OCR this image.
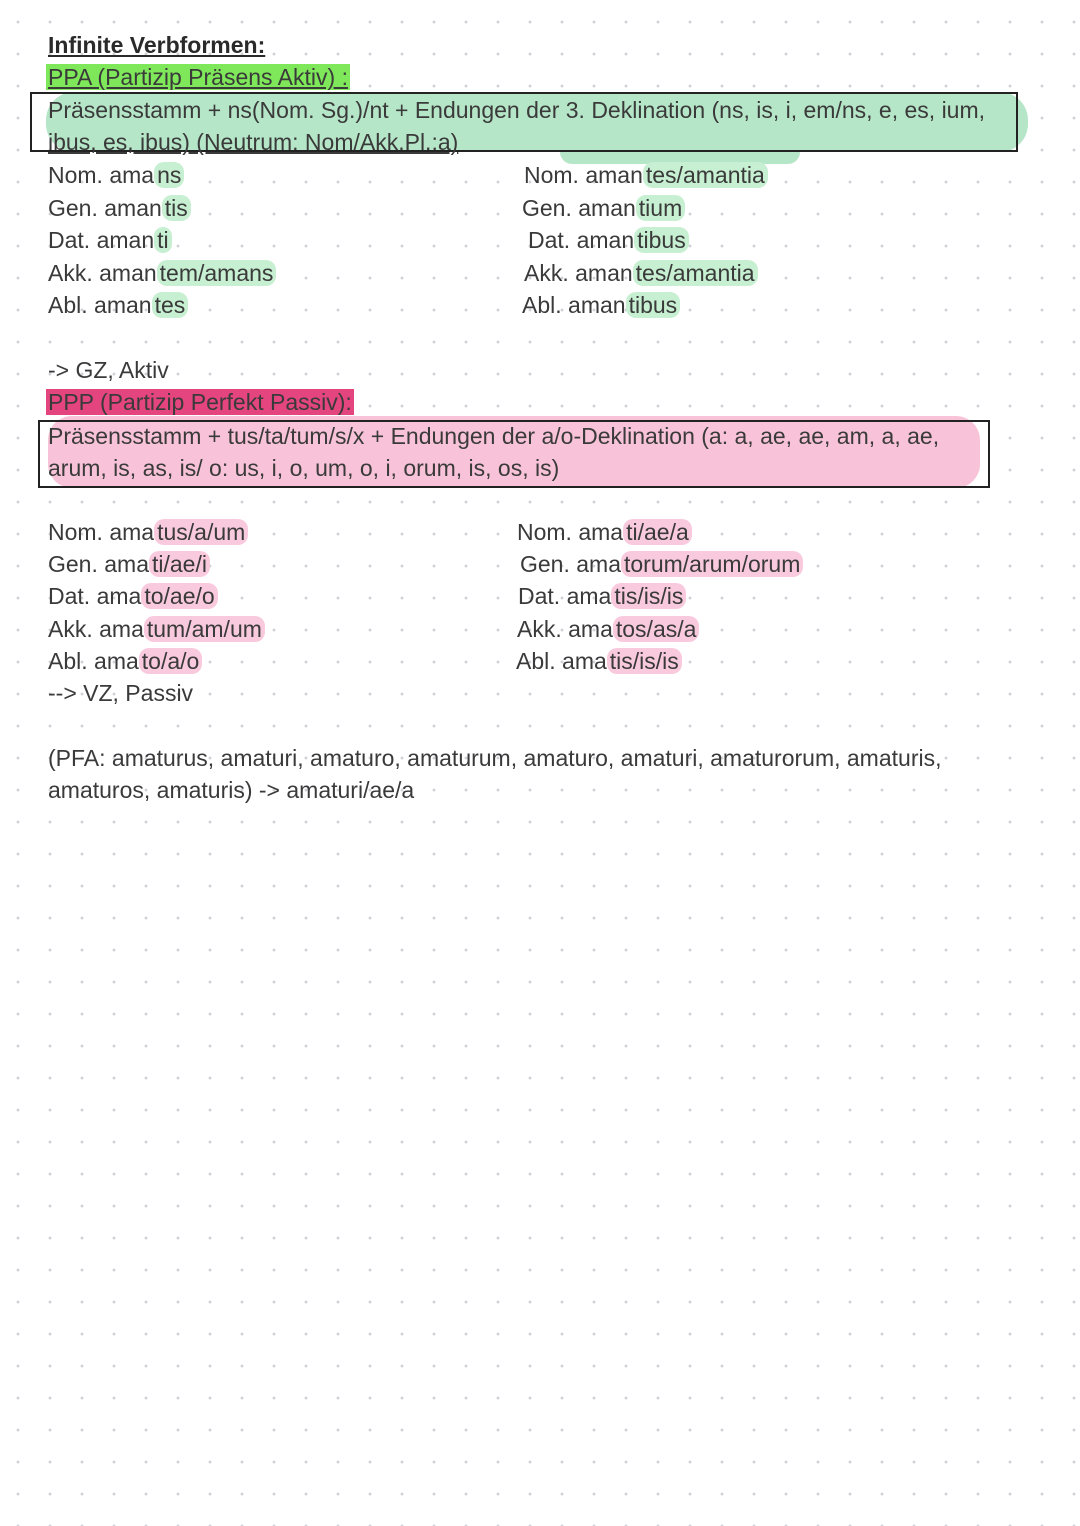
Infinite Verbformen:
PPA (Partizip Präsens Aktiv) :
Präsensstamm + ns(Nom. Sg.)/nt + Endungen der 3. Deklination (ns, is, i, em/ns, e, es, ium,
ibus, es, ibus) (Neutrum: Nom/Akk.Pl.:a)
Nom. ama ns
Gen. aman tis
Dat. aman ti
Akk. aman tem/amans
Abl. aman tes
Nom. aman tes/amantia
Gen. aman tium
Dat. aman tibus
Akk. aman tes/amantia
Abl. aman tibus
-> GZ, Aktiv
PPP (Partizip Perfekt Passiv):
Präsensstamm + tus/ta/tum/s/x + Endungen der a/o-Deklination (a: a, ae, ae, am, a, ae,
arum, is, as, is/ o: us, i, o, um, o, i, orum, is, os, is)
Nom. ama tus/a/um
Gen. ama ti/ae/i
Dat. ama to/ae/o
Akk. ama tum/am/um
Abl. ama to/a/o
--> VZ, Passiv
Nom. ama ti/ae/a
Gen. ama torum/arum/orum
Dat. ama tis/is/is
Akk. ama tos/as/a
Abl. ama tis/is/is
(PFA: amaturus, amaturi, amaturo, amaturum, amaturo, amaturi, amaturorum, amaturis,
amaturos, amaturis) -> amaturi/ae/a
